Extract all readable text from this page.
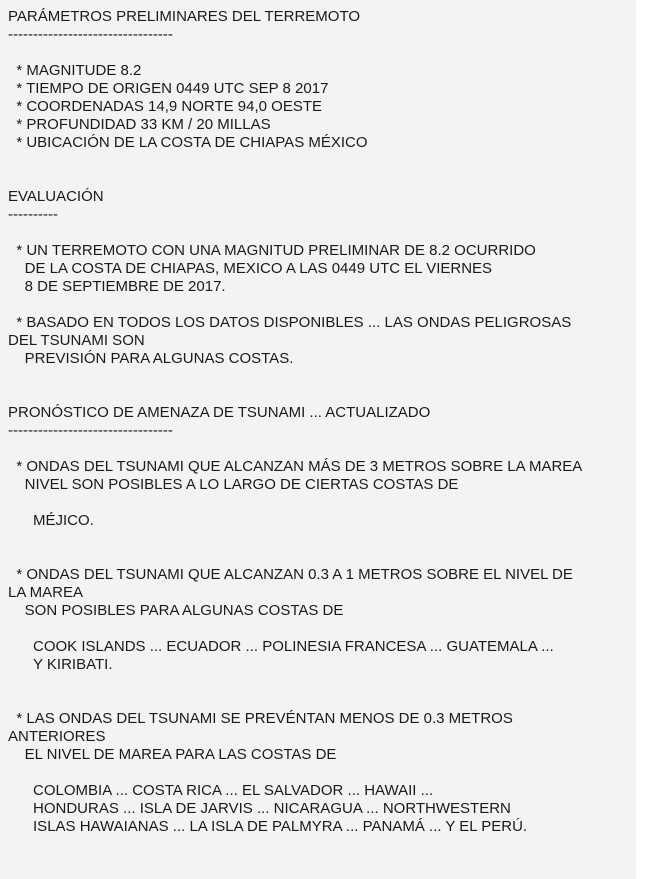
PARÁMETROS PRELIMINARES DEL TERREMOTO
---------------------------------
* MAGNITUDE 8.2
* TIEMPO DE ORIGEN 0449 UTC SEP 8 2017
* COORDENADAS 14,9 NORTE 94,0 OESTE
* PROFUNDIDAD 33 KM / 20 MILLAS
* UBICACIÓN DE LA COSTA DE CHIAPAS MÉXICO
EVALUACIÓN
----------
* UN TERREMOTO CON UNA MAGNITUD PRELIMINAR DE 8.2 OCURRIDO
DE LA COSTA DE CHIAPAS, MEXICO A LAS 0449 UTC EL VIERNES
8 DE SEPTIEMBRE DE 2017.
* BASADO EN TODOS LOS DATOS DISPONIBLES ... LAS ONDAS PELIGROSAS
DEL TSUNAMI SON
PREVISIÓN PARA ALGUNAS COSTAS.
PRONÓSTICO DE AMENAZA DE TSUNAMI ... ACTUALIZADO
---------------------------------
* ONDAS DEL TSUNAMI QUE ALCANZAN MÁS DE 3 METROS SOBRE LA MAREA
NIVEL SON POSIBLES A LO LARGO DE CIERTAS COSTAS DE
MÉJICO.
* ONDAS DEL TSUNAMI QUE ALCANZAN 0.3 A 1 METROS SOBRE EL NIVEL DE
LA MAREA
SON POSIBLES PARA ALGUNAS COSTAS DE
COOK ISLANDS ... ECUADOR ... POLINESIA FRANCESA ... GUATEMALA ...
Y KIRIBATI.
* LAS ONDAS DEL TSUNAMI SE PREVÉNTAN MENOS DE 0.3 METROS
ANTERIORES
EL NIVEL DE MAREA PARA LAS COSTAS DE
COLOMBIA ... COSTA RICA ... EL SALVADOR ... HAWAII ...
HONDURAS ... ISLA DE JARVIS ... NICARAGUA ... NORTHWESTERN
ISLAS HAWAIANAS ... LA ISLA DE PALMYRA ... PANAMÁ ... Y EL PERÚ.
